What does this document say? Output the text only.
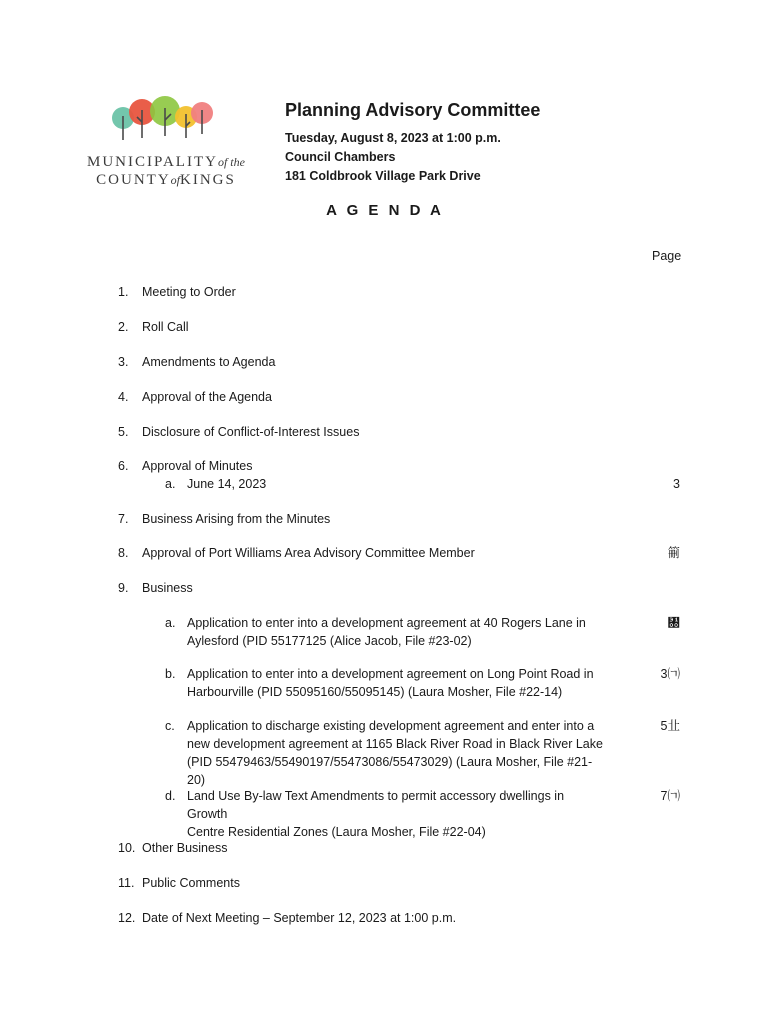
MUNICIPALITYof the
COUNTYofKINGS
Planning Advisory Committee
Tuesday, August 8, 2023 at 1:00 p.m.
Council Chambers
181 Coldbrook Village Park Drive
A G E N D A
Page
1. Meeting to Order
2. Roll Call
3. Amendments to Agenda
4. Approval of the Agenda
5. Disclosure of Conflict-of-Interest Issues
6. Approval of Minutes
a. June 14, 2023	3
7. Business Arising from the Minutes
8. Approval of Port Williams Area Advisory Committee Member	䈀
9. Business
a. Application to enter into a development agreement at 40 Rogers Lane in
Aylesford (PID 55177125 (Alice Jacob, File #23-02)
㄀
b. Application to enter into a development agreement on Long Point Road in
Harbourville (PID 55095160/55095145) (Laura Mosher, File #22-14)
3㈀
c. Application to discharge existing development agreement and enter into a
new development agreement at 1165 Black River Road in Black River Lake
(PID 55479463/55490197/55473086/55473029) (Laura Mosher, File #21-20)
5㐀
d. Land Use By-law Text Amendments to permit accessory dwellings in Growth
Centre Residential Zones (Laura Mosher, File #22-04)
7㈀
10. Other Business
11. Public Comments
12. Date of Next Meeting – September 12, 2023 at 1:00 p.m.
